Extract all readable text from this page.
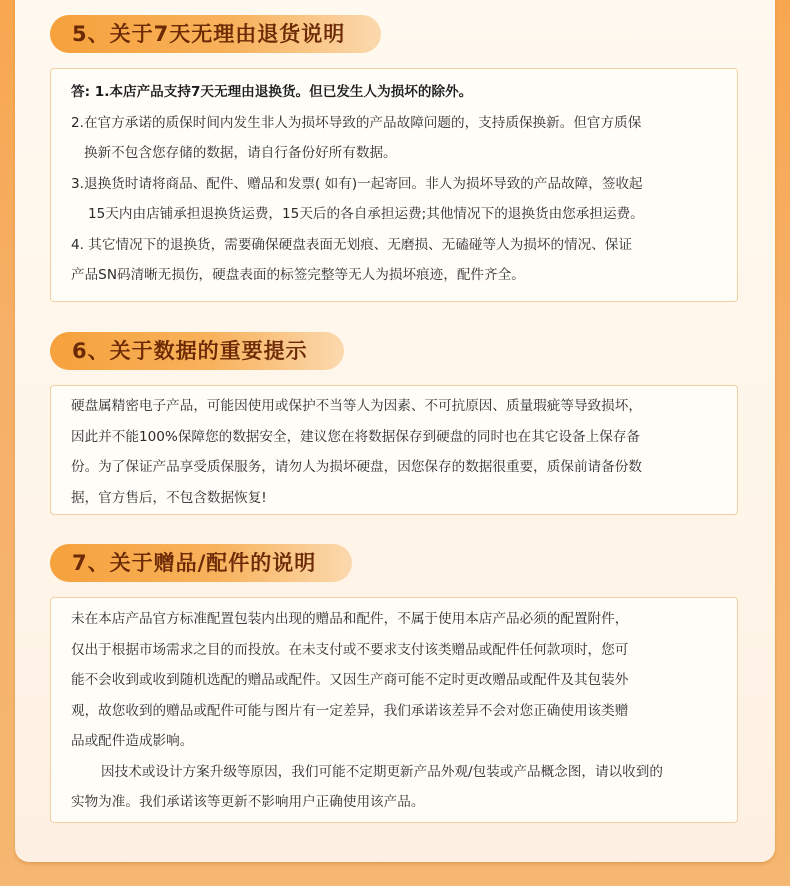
5、关于7天无理由退货说明

答: 1.本店产品支持7天无理由退换货。但已发生人为损坏的除外。

2.在官方承诺的质保时间内发生非人为损坏导致的产品故障问题的，支持质保换新。但官方质保

换新不包含您存储的数据，请自行备份好所有数据。

3.退换货时请将商品、配件、赠品和发票( 如有)一起寄回。非人为损坏导致的产品故障，签收起

15天内由店铺承担退换货运费，15天后的各自承担运费;其他情况下的退换货由您承担运费。

4. 其它情况下的退换货，需要确保硬盘表面无划痕、无磨损、无磕碰等人为损坏的情况、保证

产品SN码清晰无损伤，硬盘表面的标签完整等无人为损坏痕迹，配件齐全。

6、关于数据的重要提示

硬盘属精密电子产品，可能因使用或保护不当等人为因素、不可抗原因、质量瑕疵等导致损坏，

因此并不能100%保障您的数据安全，建议您在将数据保存到硬盘的同时也在其它设备上保存备

份。为了保证产品享受质保服务，请勿人为损坏硬盘，因您保存的数据很重要，质保前请备份数

据，官方售后，不包含数据恢复!

7、关于赠品/配件的说明

未在本店产品官方标准配置包装内出现的赠品和配件，不属于使用本店产品必须的配置附件，

仅出于根据市场需求之目的而投放。在未支付或不要求支付该类赠品或配件任何款项时，您可

能不会收到或收到随机选配的赠品或配件。又因生产商可能不定时更改赠品或配件及其包装外

观，故您收到的赠品或配件可能与图片有一定差异，我们承诺该差异不会对您正确使用该类赠

品或配件造成影响。

因技术或设计方案升级等原因，我们可能不定期更新产品外观/包装或产品概念图，请以收到的

实物为准。我们承诺该等更新不影响用户正确使用该产品。
